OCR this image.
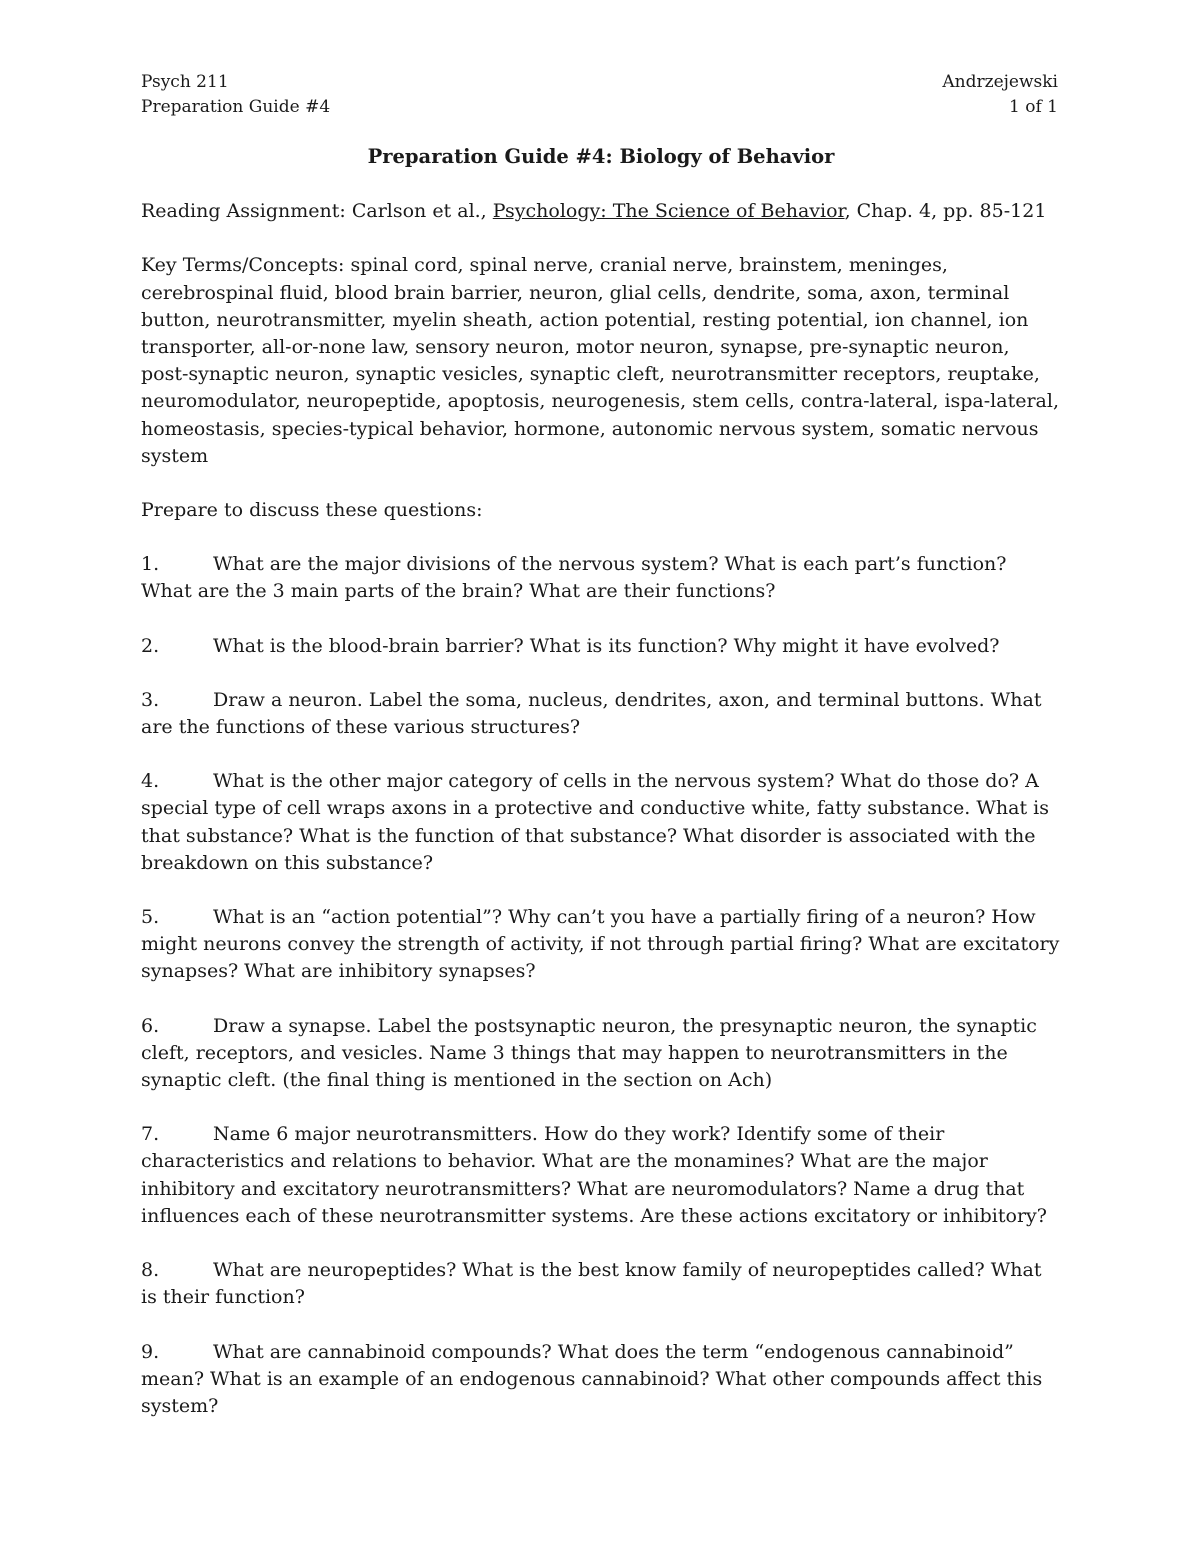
Psych 211
Preparation Guide #4
Andrzejewski
1 of 1
Preparation Guide #4: Biology of Behavior
Reading Assignment: Carlson et al., Psychology: The Science of Behavior, Chap. 4, pp. 85-121
Key Terms/Concepts: spinal cord, spinal nerve, cranial nerve, brainstem, meninges, cerebrospinal fluid, blood brain barrier, neuron, glial cells, dendrite, soma, axon, terminal button, neurotransmitter, myelin sheath, action potential, resting potential, ion channel, ion transporter, all-or-none law, sensory neuron, motor neuron, synapse, pre-synaptic neuron, post-synaptic neuron, synaptic vesicles, synaptic cleft, neurotransmitter receptors, reuptake, neuromodulator, neuropeptide, apoptosis, neurogenesis, stem cells, contra-lateral, ispa-lateral, homeostasis, species-typical behavior, hormone, autonomic nervous system, somatic nervous system
Prepare to discuss these questions:
1.	What are the major divisions of the nervous system? What is each part’s function? What are the 3 main parts of the brain? What are their functions?
2.	What is the blood-brain barrier? What is its function? Why might it have evolved?
3.	Draw a neuron. Label the soma, nucleus, dendrites, axon, and terminal buttons. What are the functions of these various structures?
4.	What is the other major category of cells in the nervous system? What do those do? A special type of cell wraps axons in a protective and conductive white, fatty substance. What is that substance? What is the function of that substance? What disorder is associated with the breakdown on this substance?
5.	What is an “action potential”? Why can’t you have a partially firing of a neuron? How might neurons convey the strength of activity, if not through partial firing? What are excitatory synapses? What are inhibitory synapses?
6.	Draw a synapse. Label the postsynaptic neuron, the presynaptic neuron, the synaptic cleft, receptors, and vesicles. Name 3 things that may happen to neurotransmitters in the synaptic cleft. (the final thing is mentioned in the section on Ach)
7.	Name 6 major neurotransmitters. How do they work? Identify some of their characteristics and relations to behavior. What are the monamines? What are the major inhibitory and excitatory neurotransmitters? What are neuromodulators? Name a drug that influences each of these neurotransmitter systems. Are these actions excitatory or inhibitory?
8.	What are neuropeptides? What is the best know family of neuropeptides called? What is their function?
9.	What are cannabinoid compounds? What does the term “endogenous cannabinoid” mean? What is an example of an endogenous cannabinoid? What other compounds affect this system?
